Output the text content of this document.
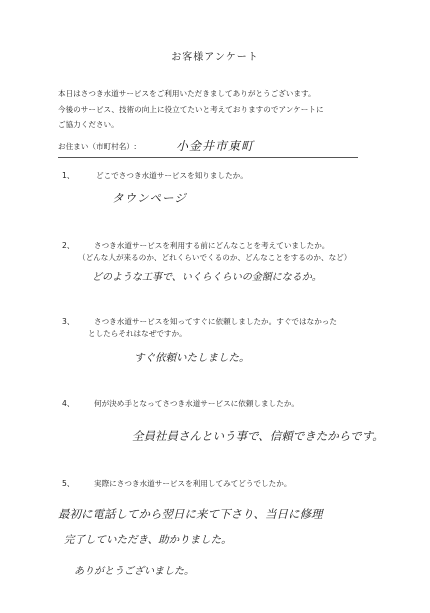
お客様アンケート
本日はさつき水道サービスをご利用いただきましてありがとうございます。
今後のサービス、技術の向上に役立てたいと考えておりますのでアンケートに
ご協力ください。
お住まい（市町村名）:	小金井市東町
1、	どこでさつき水道サービスを知りましたか。
タウンページ
2、	さつき水道サービスを利用する前にどんなことを考えていましたか。
（どんな人が来るのか、どれくらいでくるのか、どんなことをするのか、など）
どのような工事で、いくらくらいの金額になるか。
3、	さつき水道サービスを知ってすぐに依頼しましたか。すぐではなかった
としたらそれはなぜですか。
すぐ依頼いたしました。
4、	何が決め手となってさつき水道サービスに依頼しましたか。
全員社員さんという事で、信頼できたからです。
5、	実際にさつき水道サービスを利用してみてどうでしたか。
最初に電話してから翌日に来て下さり、当日に修理
完了していただき、助かりました。
ありがとうございました。
